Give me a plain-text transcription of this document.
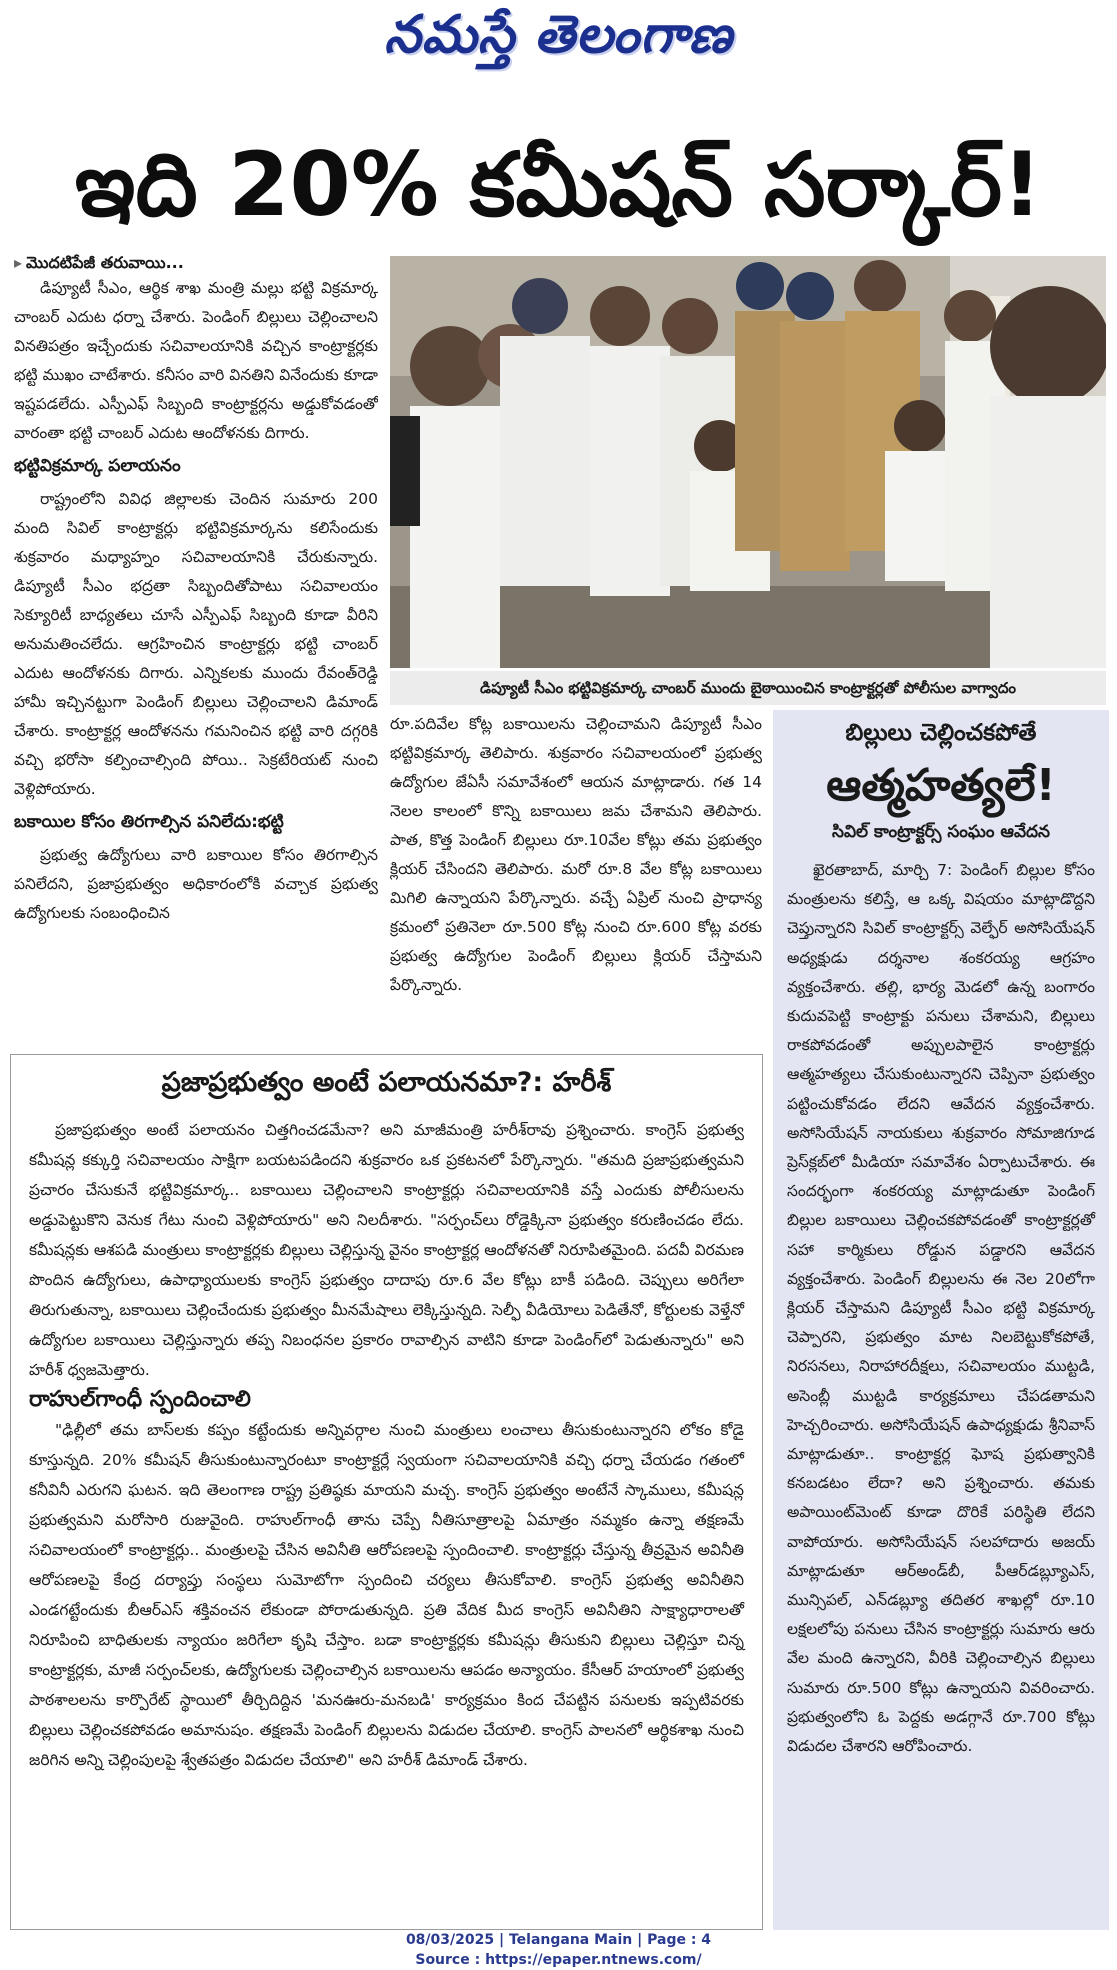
నమస్తే తెలంగాణ
ఇది 20% కమీషన్ సర్కార్!
▸ మొదటిపేజీ తరువాయి...

డిప్యూటీ సీఎం, ఆర్థిక శాఖ మంత్రి మల్లు భట్టి విక్రమార్క చాంబర్ ఎదుట ధర్నా చేశారు. పెండింగ్ బిల్లులు చెల్లించాలని వినతిపత్రం ఇచ్చేందుకు సచివాలయానికి వచ్చిన కాంట్రాక్టర్లకు భట్టి ముఖం చాటేశారు. కనీసం వారి వినతిని వినేందుకు కూడా ఇష్టపడలేదు. ఎస్పీఎఫ్ సిబ్బంది కాంట్రాక్టర్లను అడ్డుకోవడంతో వారంతా భట్టి చాంబర్ ఎదుట ఆందోళనకు దిగారు.

భట్టివిక్రమార్క పలాయనం

రాష్ట్రంలోని వివిధ జిల్లాలకు చెందిన సుమారు 200 మంది సివిల్ కాంట్రాక్టర్లు భట్టివిక్రమార్కను కలిసేందుకు శుక్రవారం మధ్యాహ్నం సచివాలయానికి చేరుకున్నారు. డిప్యూటీ సీఎం భద్రతా సిబ్బందితోపాటు సచివాలయం సెక్యూరిటీ బాధ్యతలు చూసే ఎస్పీఎఫ్ సిబ్బంది కూడా వీరిని అనుమతించలేదు. ఆగ్రహించిన కాంట్రాక్టర్లు భట్టి చాంబర్ ఎదుట ఆందోళనకు దిగారు. ఎన్నికలకు ముందు రేవంత్‌రెడ్డి హామీ ఇచ్చినట్టుగా పెండింగ్ బిల్లులు చెల్లించాలని డిమాండ్ చేశారు. కాంట్రాక్టర్ల ఆందోళనను గమనించిన భట్టి వారి దగ్గరికి వచ్చి భరోసా కల్పించాల్సింది పోయి.. సెక్రటేరియట్ నుంచి వెళ్లిపోయారు.

బకాయిల కోసం తిరగాల్సిన పనిలేదు:భట్టి

ప్రభుత్వ ఉద్యోగులు వారి బకాయిల కోసం తిరగాల్సిన పనిలేదని, ప్రజాప్రభుత్వం అధికారంలోకి వచ్చాక ప్రభుత్వ ఉద్యోగులకు సంబంధించిన

డిప్యూటీ సీఎం భట్టివిక్రమార్క చాంబర్ ముందు బైఠాయించిన కాంట్రాక్టర్లతో పోలీసుల వాగ్వాదం

రూ.పదివేల కోట్ల బకాయిలను చెల్లించామని డిప్యూటీ సీఎం భట్టివిక్రమార్క తెలిపారు. శుక్రవారం సచివాలయంలో ప్రభుత్వ ఉద్యోగుల జేఏసీ సమావేశంలో ఆయన మాట్లాడారు. గత 14 నెలల కాలంలో కొన్ని బకాయిలు జమ చేశామని తెలిపారు. పాత, కొత్త పెండింగ్ బిల్లులు రూ.10వేల కోట్లు తమ ప్రభుత్వం క్లియర్ చేసిందని తెలిపారు. మరో రూ.8 వేల కోట్ల బకాయిలు మిగిలి ఉన్నాయని పేర్కొన్నారు. వచ్చే ఏప్రిల్ నుంచి ప్రాధాన్య క్రమంలో ప్రతినెలా రూ.500 కోట్ల నుంచి రూ.600 కోట్ల వరకు ప్రభుత్వ ఉద్యోగుల పెండింగ్ బిల్లులు క్లియర్ చేస్తామని పేర్కొన్నారు.

బిల్లులు చెల్లించకపోతే
ఆత్మహత్యలే!
సివిల్ కాంట్రాక్టర్స్ సంఘం ఆవేదన
ఖైరతాబాద్, మార్చి 7: పెండింగ్ బిల్లుల కోసం మంత్రులను కలిస్తే, ఆ ఒక్క విషయం మాట్లాడొద్దని చెప్తున్నారని సివిల్ కాంట్రాక్టర్స్ వెల్ఫేర్ అసోసియేషన్ అధ్యక్షుడు దర్శనాల శంకరయ్య ఆగ్రహం వ్యక్తంచేశారు. తల్లి, భార్య మెడలో ఉన్న బంగారం కుదువపెట్టి కాంట్రాక్టు పనులు చేశామని, బిల్లులు రాకపోవడంతో అప్పులపాలైన కాంట్రాక్టర్లు ఆత్మహత్యలు చేసుకుంటున్నారని చెప్పినా ప్రభుత్వం పట్టించుకోవడం లేదని ఆవేదన వ్యక్తంచేశారు. అసోసియేషన్ నాయకులు శుక్రవారం సోమాజిగూడ ప్రెస్‌క్లబ్‌లో మీడియా సమావేశం ఏర్పాటుచేశారు. ఈ సందర్భంగా శంకరయ్య మాట్లాడుతూ పెండింగ్ బిల్లుల బకాయిలు చెల్లించకపోవడంతో కాంట్రాక్టర్లతో సహా కార్మికులు రోడ్డున పడ్డారని ఆవేదన వ్యక్తంచేశారు. పెండింగ్ బిల్లులను ఈ నెల 20లోగా క్లియర్ చేస్తామని డిప్యూటీ సీఎం భట్టి విక్రమార్క చెప్పారని, ప్రభుత్వం మాట నిలబెట్టుకోకపోతే, నిరసనలు, నిరాహారదీక్షలు, సచివాలయం ముట్టడి, అసెంబ్లీ ముట్టడి కార్యక్రమాలు చేపడతామని హెచ్చరించారు. అసోసియేషన్ ఉపాధ్యక్షుడు శ్రీనివాస్ మాట్లాడుతూ.. కాంట్రాక్టర్ల ఘోష ప్రభుత్వానికి కనబడటం లేదా? అని ప్రశ్నించారు. తమకు అపాయింట్‌మెంట్ కూడా దొరికే పరిస్థితి లేదని వాపోయారు. అసోసియేషన్ సలహాదారు అజయ్ మాట్లాడుతూ ఆర్‌అండ్‌బీ, పీఆర్‌డబ్ల్యూఎస్, మున్సిపల్, ఎన్‌డబ్ల్యూ తదితర శాఖల్లో రూ.10 లక్షలలోపు పనులు చేసిన కాంట్రాక్టర్లు సుమారు ఆరు వేల మంది ఉన్నారని, వీరికి చెల్లించాల్సిన బిల్లులు సుమారు రూ.500 కోట్లు ఉన్నాయని వివరించారు. ప్రభుత్వంలోని ఓ పెద్దకు అడగ్గానే రూ.700 కోట్లు విడుదల చేశారని ఆరోపించారు.
ప్రజాప్రభుత్వం అంటే పలాయనమా?: హరీశ్

ప్రజాప్రభుత్వం అంటే పలాయనం చిత్తగించడమేనా? అని మాజీమంత్రి హరీశ్‌రావు ప్రశ్నించారు. కాంగ్రెస్ ప్రభుత్వ కమీషన్ల కక్కుర్తి సచివాలయం సాక్షిగా బయటపడిందని శుక్రవారం ఒక ప్రకటనలో పేర్కొన్నారు. "తమది ప్రజాప్రభుత్వమని ప్రచారం చేసుకునే భట్టివిక్రమార్క.. బకాయిలు చెల్లించాలని కాంట్రాక్టర్లు సచివాలయానికి వస్తే ఎందుకు పోలీసులను అడ్డుపెట్టుకొని వెనుక గేటు నుంచి వెళ్లిపోయారు" అని నిలదీశారు. "సర్పంచ్‌లు రోడ్డెక్కినా ప్రభుత్వం కరుణించడం లేదు. కమీషన్లకు ఆశపడి మంత్రులు కాంట్రాక్టర్లకు బిల్లులు చెల్లిస్తున్న వైనం కాంట్రాక్టర్ల ఆందోళనతో నిరూపితమైంది. పదవీ విరమణ పొందిన ఉద్యోగులు, ఉపాధ్యాయులకు కాంగ్రెస్ ప్రభుత్వం దాదాపు రూ.6 వేల కోట్లు బాకీ పడింది. చెప్పులు అరిగేలా తిరుగుతున్నా, బకాయిలు చెల్లించేందుకు ప్రభుత్వం మీనమేషాలు లెక్కిస్తున్నది. సెల్ఫీ వీడియోలు పెడితేనో, కోర్టులకు వెళ్తేనో ఉద్యోగుల బకాయిలు చెల్లిస్తున్నారు తప్ప నిబంధనల ప్రకారం రావాల్సిన వాటిని కూడా పెండింగ్‌లో పెడుతున్నారు" అని హరీశ్ ధ్వజమెత్తారు.

రాహుల్‌గాంధీ స్పందించాలి

"ఢిల్లీలో తమ బాస్‌లకు కప్పం కట్టేందుకు అన్నివర్గాల నుంచి మంత్రులు లంచాలు తీసుకుంటున్నారని లోకం కోడై కూస్తున్నది. 20% కమీషన్ తీసుకుంటున్నారంటూ కాంట్రాక్టర్లే స్వయంగా సచివాలయానికి వచ్చి ధర్నా చేయడం గతంలో కనీవినీ ఎరుగని ఘటన. ఇది తెలంగాణ రాష్ట్ర ప్రతిష్ఠకు మాయని మచ్చ. కాంగ్రెస్ ప్రభుత్వం అంటేనే స్కాములు, కమీషన్ల ప్రభుత్వమని మరోసారి రుజువైంది. రాహుల్‌గాంధీ తాను చెప్పే నీతిసూత్రాలపై ఏమాత్రం నమ్మకం ఉన్నా తక్షణమే సచివాలయంలో కాంట్రాక్టర్లు.. మంత్రులపై చేసిన అవినీతి ఆరోపణలపై స్పందించాలి. కాంట్రాక్టర్లు చేస్తున్న తీవ్రమైన అవినీతి ఆరోపణలపై కేంద్ర దర్యాప్తు సంస్థలు సుమోటోగా స్పందించి చర్యలు తీసుకోవాలి. కాంగ్రెస్ ప్రభుత్వ అవినీతిని ఎండగట్టేందుకు బీఆర్‌ఎస్ శక్తివంచన లేకుండా పోరాడుతున్నది. ప్రతి వేదిక మీద కాంగ్రెస్ అవినీతిని సాక్ష్యాధారాలతో నిరూపించి బాధితులకు న్యాయం జరిగేలా కృషి చేస్తాం. బడా కాంట్రాక్టర్లకు కమీషన్లు తీసుకుని బిల్లులు చెల్లిస్తూ చిన్న కాంట్రాక్టర్లకు, మాజీ సర్పంచ్‌లకు, ఉద్యోగులకు చెల్లించాల్సిన బకాయిలను ఆపడం అన్యాయం. కేసీఆర్ హయాంలో ప్రభుత్వ పాఠశాలలను కార్పొరేట్ స్థాయిలో తీర్చిదిద్దిన 'మనఊరు-మనబడి' కార్యక్రమం కింద చేపట్టిన పనులకు ఇప్పటివరకు బిల్లులు చెల్లించకపోవడం అమానుషం. తక్షణమే పెండింగ్ బిల్లులను విడుదల చేయాలి. కాంగ్రెస్ పాలనలో ఆర్థికశాఖ నుంచి జరిగిన అన్ని చెల్లింపులపై శ్వేతపత్రం విడుదల చేయాలి" అని హరీశ్ డిమాండ్ చేశారు.

08/03/2025 | Telangana Main | Page : 4
Source : https://epaper.ntnews.com/
